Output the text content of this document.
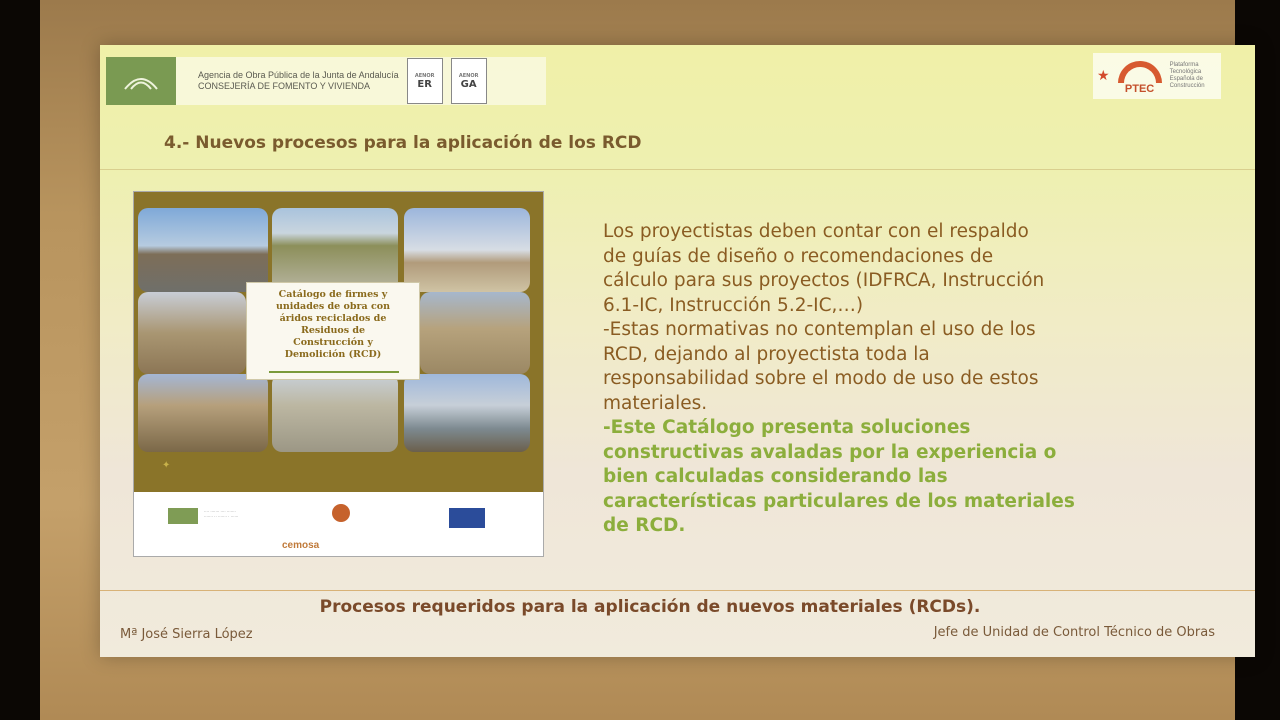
Agencia de Obra Pública de la Junta de Andalucía
CONSEJERÍA DE FOMENTO Y VIVIENDA
AENOR
ER
AENOR
GA	★
PTEC
Plataforma
Tecnológica
Española de
Construcción
4.- Nuevos procesos para la aplicación de los RCD
Catálogo de firmes y
unidades de obra con
áridos reciclados de
Residuos de
Construcción y
Demolición (RCD)
✦
···· ······· ···· ·······
······· ·· ······· · ······
cemosa

Los proyectistas deben contar con el respaldo

de guías de diseño o recomendaciones de

cálculo para sus proyectos (IDFRCA, Instrucción

6.1-IC, Instrucción 5.2-IC,…)

-Estas normativas no contemplan el uso de los

RCD, dejando al proyectista toda la

responsabilidad sobre el modo de uso de estos

materiales.

-Este Catálogo presenta soluciones

constructivas avaladas por la experiencia o

bien calculadas considerando las

características particulares de los materiales

de RCD.

Procesos requeridos para la aplicación de nuevos materiales (RCDs).
Mª José Sierra López	Jefe de Unidad de Control Técnico de Obras
